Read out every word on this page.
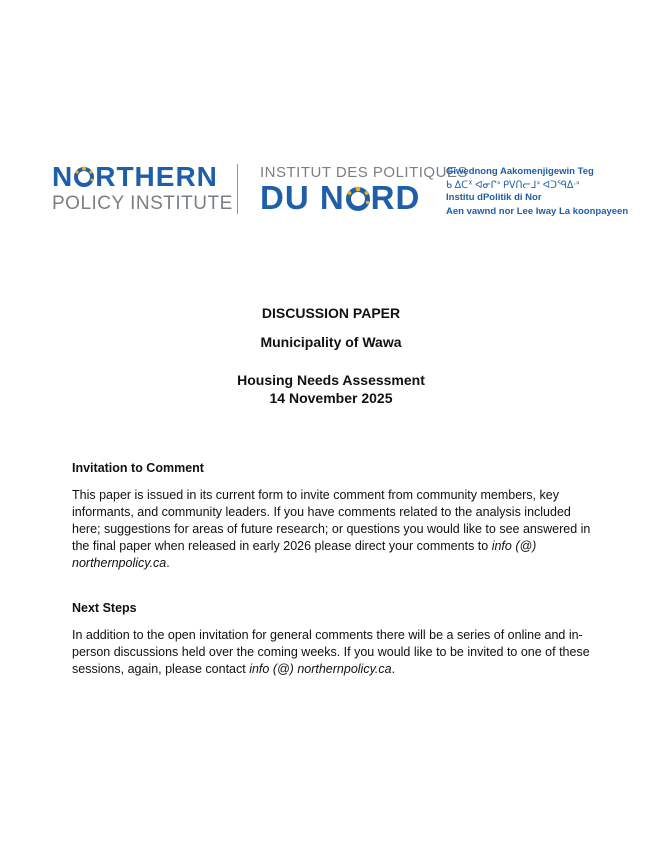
N RTHERN
POLICY INSTITUTE
INSTITUT DES POLITIQUES
DU N RD
Giwednong Aakomenjigewin Teg
ᑲ ᐃᑕᕽ ᐊᓂᒋᐣ ᑭᐯᑎᓕᒧᐣ ᐊᑐᕐᑫᐃᐧᐣ
Institu dPolitik di Nor
Aen vawnd nor Lee Iway La koonpayeen
DISCUSSION PAPER
Municipality of Wawa
Housing Needs Assessment
14 November 2025
Invitation to Comment
This paper is issued in its current form to invite comment from community members, key informants, and community leaders. If you have comments related to the analysis included here; suggestions for areas of future research; or questions you would like to see answered in the final paper when released in early 2026 please direct your comments to info (@) northernpolicy.ca.
Next Steps
In addition to the open invitation for general comments there will be a series of online and in-person discussions held over the coming weeks. If you would like to be invited to one of these sessions, again, please contact info (@) northernpolicy.ca.
